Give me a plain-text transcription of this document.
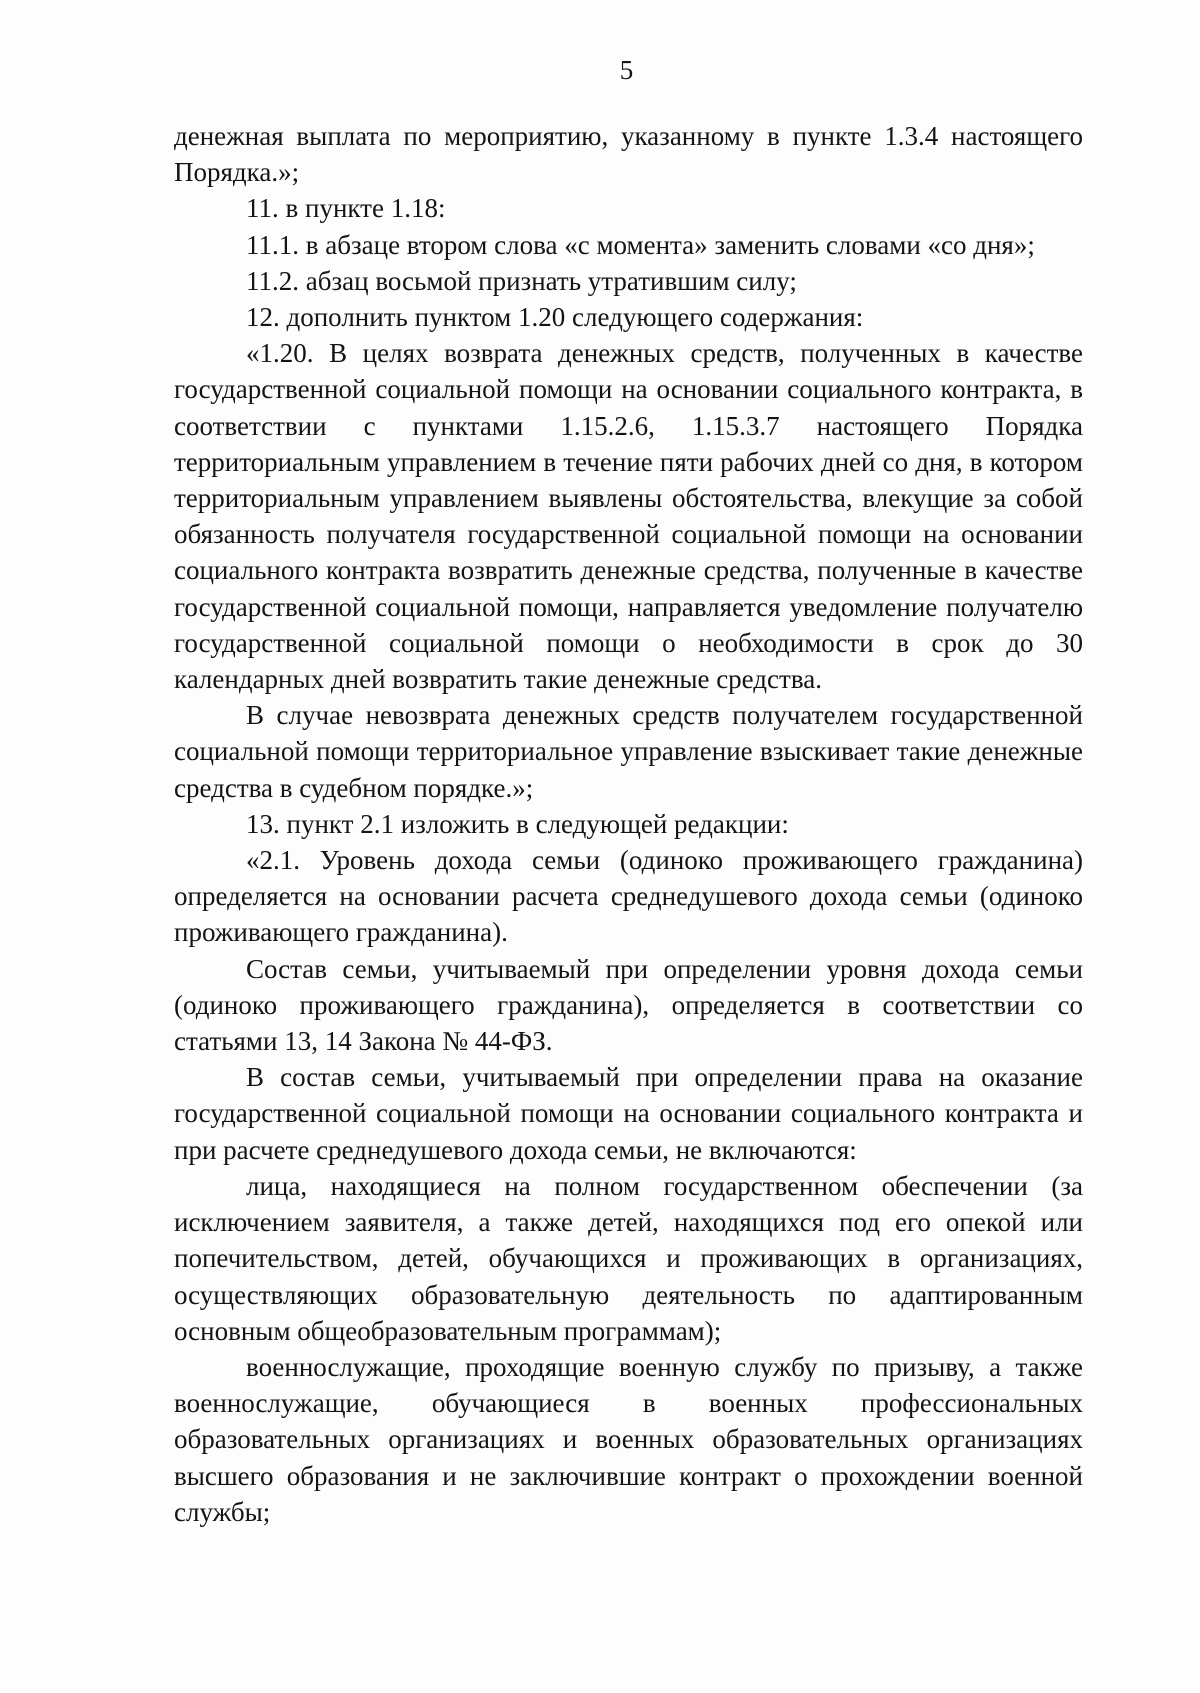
5

денежная выплата по мероприятию, указанному в пункте 1.3.4 настоящего Порядка.»;

11. в пункте 1.18:

11.1. в абзаце втором слова «с момента» заменить словами «со дня»;

11.2. абзац восьмой признать утратившим силу;

12. дополнить пунктом 1.20 следующего содержания:

«1.20. В целях возврата денежных средств, полученных в качестве государственной социальной помощи на основании социального контракта, в соответствии с пунктами 1.15.2.6, 1.15.3.7 настоящего Порядка территориальным управлением в течение пяти рабочих дней со дня, в котором территориальным управлением выявлены обстоятельства, влекущие за собой обязанность получателя государственной социальной помощи на основании социального контракта возвратить денежные средства, полученные в качестве государственной социальной помощи, направляется уведомление получателю государственной социальной помощи о необходимости в срок до 30 календарных дней возвратить такие денежные средства.

В случае невозврата денежных средств получателем государственной социальной помощи территориальное управление взыскивает такие денежные средства в судебном порядке.»;

13. пункт 2.1 изложить в следующей редакции:

«2.1. Уровень дохода семьи (одиноко проживающего гражданина) определяется на основании расчета среднедушевого дохода семьи (одиноко проживающего гражданина).

Состав семьи, учитываемый при определении уровня дохода семьи (одиноко проживающего гражданина), определяется в соответствии со статьями 13, 14 Закона № 44-ФЗ.

В состав семьи, учитываемый при определении права на оказание государственной социальной помощи на основании социального контракта и при расчете среднедушевого дохода семьи, не включаются:

лица, находящиеся на полном государственном обеспечении (за исключением заявителя, а также детей, находящихся под его опекой или попечительством, детей, обучающихся и проживающих в организациях, осуществляющих образовательную деятельность по адаптированным основным общеобразовательным программам);

военнослужащие, проходящие военную службу по призыву, а также военнослужащие, обучающиеся в военных профессиональных образовательных организациях и военных образовательных организациях высшего образования и не заключившие контракт о прохождении военной службы;
